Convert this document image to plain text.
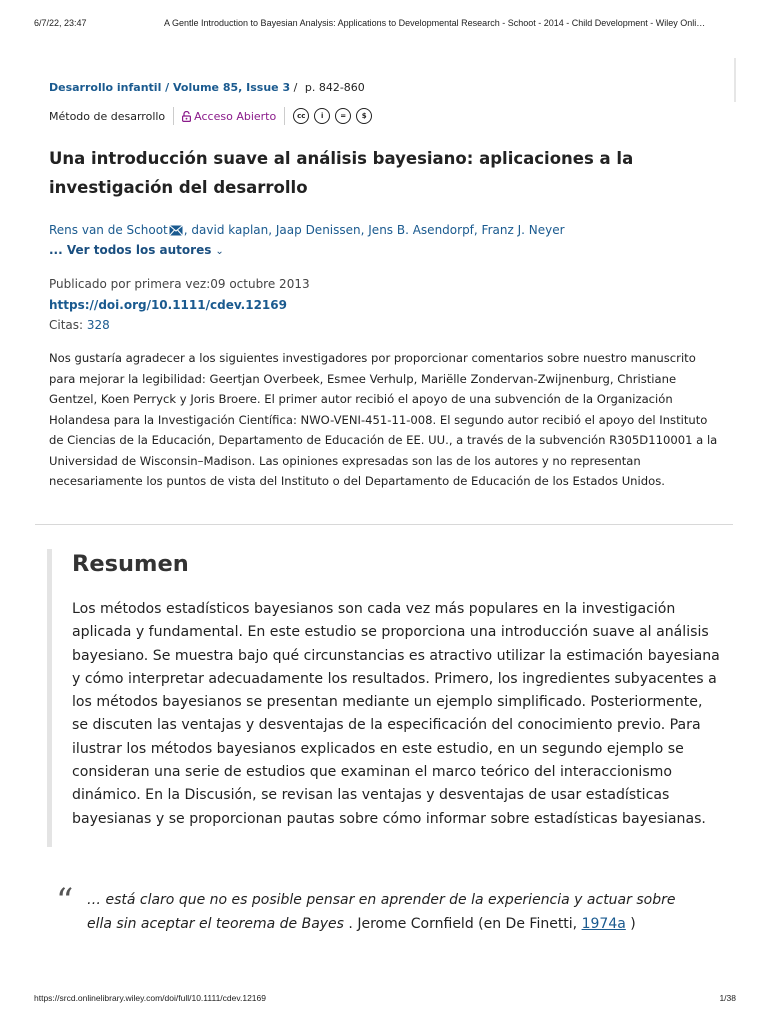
6/7/22, 23:47	A Gentle Introduction to Bayesian Analysis: Applications to Developmental Research - Schoot - 2014 - Child Development - Wiley Onli…
Desarrollo infantil / Volume 85, Issue 3 / p. 842-860
Método de desarrollo	Acceso Abierto	cc	i	=	$
Una introducción suave al análisis bayesiano: aplicaciones a la investigación del desarrollo
Rens van de Schoot , david kaplan, Jaap Denissen, Jens B. Asendorpf, Franz J. Neyer
... Ver todos los autores ⌄
Publicado por primera vez:09 octubre 2013
https://doi.org/10.1111/cdev.12169
Citas: 328

Nos gustaría agradecer a los siguientes investigadores por proporcionar comentarios sobre nuestro manuscrito para mejorar la legibilidad: Geertjan Overbeek, Esmee Verhulp, Mariëlle Zondervan-Zwijnenburg, Christiane Gentzel, Koen Perryck y Joris Broere. El primer autor recibió el apoyo de una subvención de la Organización Holandesa para la Investigación Científica: NWO-VENI-451-11-008. El segundo autor recibió el apoyo del Instituto de Ciencias de la Educación, Departamento de Educación de EE. UU., a través de la subvención R305D110001 a la Universidad de Wisconsin–Madison. Las opiniones expresadas son las de los autores y no representan necesariamente los puntos de vista del Instituto o del Departamento de Educación de los Estados Unidos.

Resumen

Los métodos estadísticos bayesianos son cada vez más populares en la investigación aplicada y fundamental. En este estudio se proporciona una introducción suave al análisis bayesiano. Se muestra bajo qué circunstancias es atractivo utilizar la estimación bayesiana y cómo interpretar adecuadamente los resultados. Primero, los ingredientes subyacentes a los métodos bayesianos se presentan mediante un ejemplo simplificado. Posteriormente, se discuten las ventajas y desventajas de la especificación del conocimiento previo. Para ilustrar los métodos bayesianos explicados en este estudio, en un segundo ejemplo se consideran una serie de estudios que examinan el marco teórico del interaccionismo dinámico. En la Discusión, se revisan las ventajas y desventajas de usar estadísticas bayesianas y se proporcionan pautas sobre cómo informar sobre estadísticas bayesianas.

“ … está claro que no es posible pensar en aprender de la experiencia y actuar sobre ella sin aceptar el teorema de Bayes . Jerome Cornfield (en De Finetti, 1974a )

https://srcd.onlinelibrary.wiley.com/doi/full/10.1111/cdev.12169	1/38
